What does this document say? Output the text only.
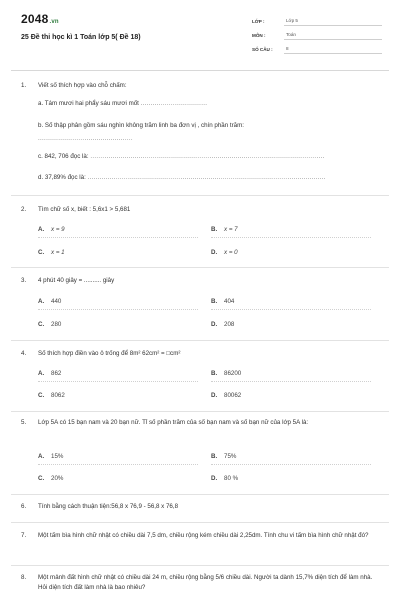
2048.vn
25 Đề thi học kì 1 Toán lớp 5( Đề 18)
LỚP :	Lớp 5
MÔN :	Toán
SỐ CÂU :	8
1.	Viết số thích hợp vào chỗ chấm:
a. Tám mươi hai phẩy sáu mươi mốt .................................
b. Số thập phân gồm sáu nghìn không trăm linh ba đơn vị , chín phần trăm:
...............................................
c. 842, 706 đọc là: ....................................................................................................................
d. 37,89% đọc là: ......................................................................................................................
2.	Tìm chữ số x, biết : 5,6x1 > 5,681
A.	x = 9	B.	x = 7
C.	x = 1	D.	x = 0
3.	4 phút 40 giây = .......... giây
A.	440	B.	404
C.	280	D.	208
4.	Số thích hợp điền vào ô trống để 8m² 62cm² = □cm²
A.	862	B.	86200
C.	8062	D.	80062
5.	Lớp 5A có 15 bạn nam và 20 bạn nữ. Tỉ số phần trăm của số bạn nam và số bạn nữ của lớp 5A là:
A.	15%	B.	75%
C.	20%	D.	80 %
6.	Tính bằng cách thuận tiện:56,8 x 76,9 - 56,8 x 76,8
7.	Một tấm bìa hình chữ nhật có chiều dài 7,5 dm, chiều rộng kém chiều dài 2,25dm. Tính chu vi tấm bìa hình chữ nhật đó?
8.	Một mảnh đất hình chữ nhật có chiều dài 24 m, chiều rộng bằng 5/6 chiều dài. Người ta dành 15,7% diện tích để làm nhà. Hỏi diện tích đất làm nhà là bao nhiêu?
